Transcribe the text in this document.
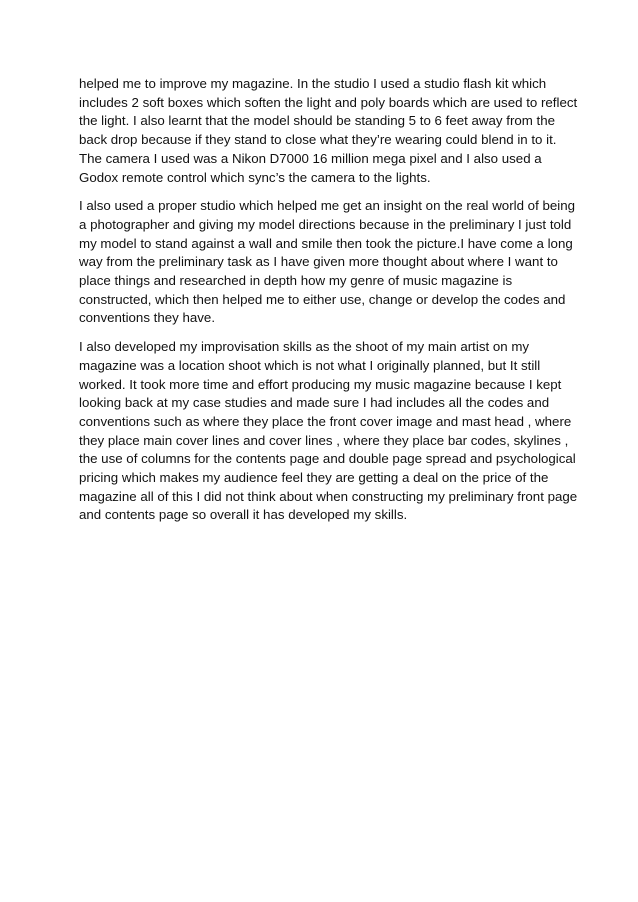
helped me to improve my magazine. In the studio I used a studio flash kit which
includes 2 soft boxes which soften the light and poly boards which are used to reflect
the light. I also learnt that the model should be standing 5 to 6 feet away from the
back drop because if they stand to close what they’re wearing could blend in to it.
The camera I used was a Nikon D7000 16 million mega pixel and I also used a
Godox remote control which sync’s the camera to the lights.
I also used a proper studio which helped me get an insight on the real world of being
a photographer and giving my model directions because in the preliminary I just told
my model to stand against a wall and smile then took the picture.I have come a long
way from the preliminary task as I have given more thought about where I want to
place things and researched in depth how my genre of music magazine is
constructed, which then helped me to either use, change or develop the codes and
conventions they have.
I also developed my improvisation skills as the shoot of my main artist on my
magazine was a location shoot which is not what I originally planned, but It still
worked. It took more time and effort producing my music magazine because I kept
looking back at my case studies and made sure I had includes all the codes and
conventions such as where they place the front cover image and mast head , where
they place main cover lines and cover lines , where they place bar codes, skylines ,
the use of columns for the contents page and double page spread and psychological
pricing which makes my audience feel they are getting a deal on the price of the
magazine all of this I did not think about when constructing my preliminary front page
and contents page so overall it has developed my skills.
